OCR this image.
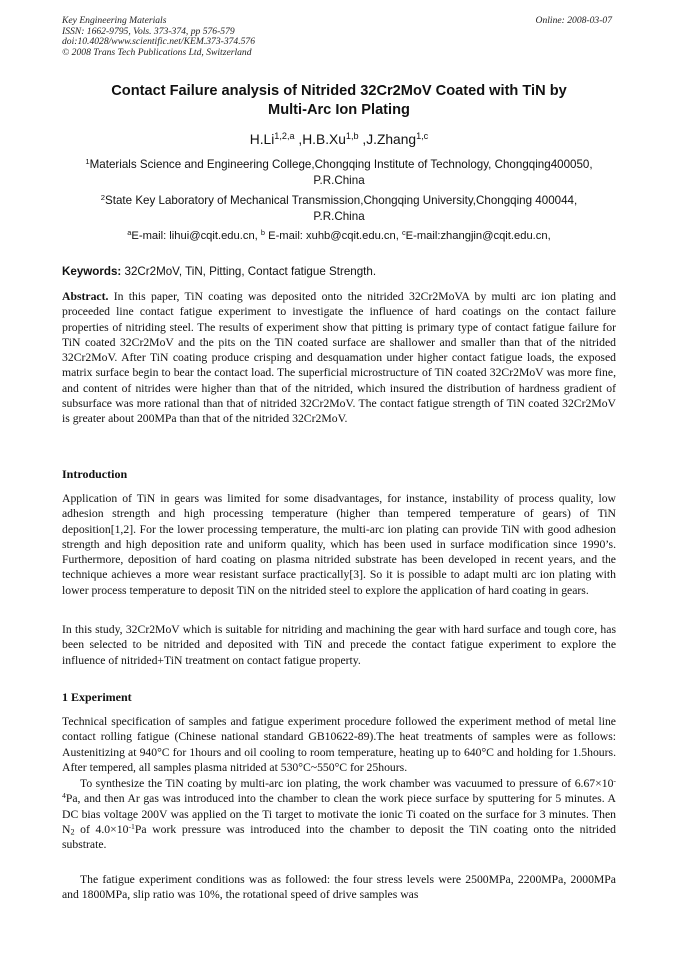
Key Engineering Materials
ISSN: 1662-9795, Vols. 373-374, pp 576-579
doi:10.4028/www.scientific.net/KEM.373-374.576
© 2008 Trans Tech Publications Ltd, Switzerland
Online: 2008-03-07
Contact Failure analysis of Nitrided 32Cr2MoV Coated with TiN by
Multi-Arc Ion Plating
H.Li$^{1,2,a}$ ,H.B.Xu$^{1,b}$ ,J.Zhang$^{1,c}$
$^1$Materials Science and Engineering College,Chongqing Institute of Technology, Chongqing400050,
P.R.China
$^2$State Key Laboratory of Mechanical Transmission,Chongqing University,Chongqing 400044,
P.R.China
$^a$E-mail: lihui@cqit.edu.cn, $^b$ E-mail: xuhb@cqit.edu.cn, $^c$E-mail:zhangjin@cqit.edu.cn,
Keywords: 32Cr2MoV, TiN, Pitting, Contact fatigue Strength.
Abstract. In this paper, TiN coating was deposited onto the nitrided 32Cr2MoVA by multi arc ion plating and proceeded line contact fatigue experiment to investigate the influence of hard coatings on the contact failure properties of nitriding steel. The results of experiment show that pitting is primary type of contact fatigue failure for TiN coated 32Cr2MoV and the pits on the TiN coated surface are shallower and smaller than that of the nitrided 32Cr2MoV. After TiN coating produce crisping and desquamation under higher contact fatigue loads, the exposed matrix surface begin to bear the contact load. The superficial microstructure of TiN coated 32Cr2MoV was more fine, and content of nitrides were higher than that of the nitrided, which insured the distribution of hardness gradient of subsurface was more rational than that of nitrided 32Cr2MoV. The contact fatigue strength of TiN coated 32Cr2MoV is greater about 200MPa than that of the nitrided 32Cr2MoV.
Introduction
Application of TiN in gears was limited for some disadvantages, for instance, instability of process quality, low adhesion strength and high processing temperature (higher than tempered temperature of gears) of TiN deposition[1,2]. For the lower processing temperature, the multi-arc ion plating can provide TiN with good adhesion strength and high deposition rate and uniform quality, which has been used in surface modification since 1990’s. Furthermore, deposition of hard coating on plasma nitrided substrate has been developed in recent years, and the technique achieves a more wear resistant surface practically[3]. So it is possible to adapt multi arc ion plating with lower process temperature to deposit TiN on the nitrided steel to explore the application of hard coating in gears.
In this study, 32Cr2MoV which is suitable for nitriding and machining the gear with hard surface and tough core, has been selected to be nitrided and deposited with TiN and precede the contact fatigue experiment to explore the influence of nitrided+TiN treatment on contact fatigue property.
1 Experiment
Technical specification of samples and fatigue experiment procedure followed the experiment method of metal line contact rolling fatigue (Chinese national standard GB10622-89).The heat treatments of samples were as follows: Austenitizing at 940°C for 1hours and oil cooling to room temperature, heating up to 640°C and holding for 1.5hours. After tempered, all samples plasma nitrided at 530°C~550°C for 25hours.
To synthesize the TiN coating by multi-arc ion plating, the work chamber was vacuumed to pressure of $6.67\times 10^{-4}Pa$, and then Ar gas was introduced into the chamber to clean the work piece surface by sputtering for 5 minutes. A DC bias voltage 200V was applied on the Ti target to motivate the ionic Ti coated on the surface for 3 minutes. Then $N_2$ of $4.0\times 10^{-1}Pa$ work pressure was introduced into the chamber to deposit the TiN coating onto the nitrided substrate.
The fatigue experiment conditions was as followed: the four stress levels were 2500MPa, 2200MPa, 2000MPa and 1800MPa, slip ratio was 10%, the rotational speed of drive samples was
